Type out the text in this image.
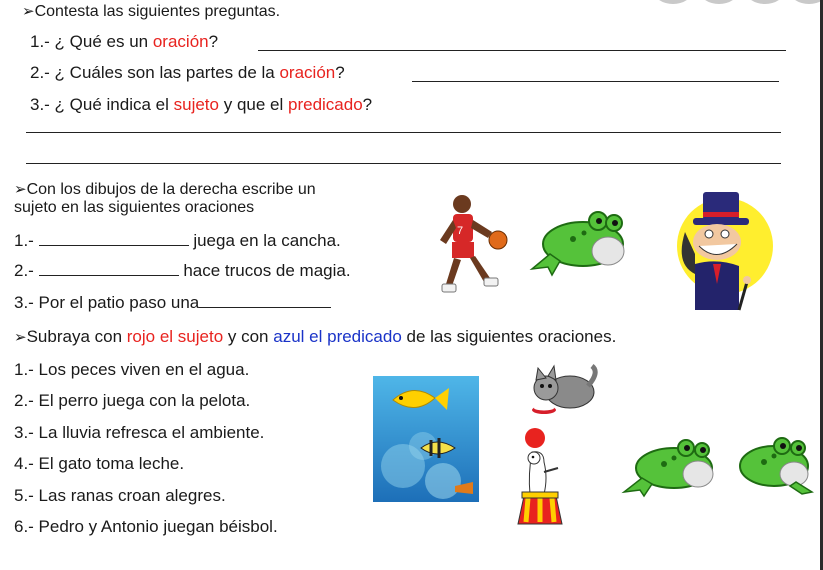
➢Contesta las siguientes preguntas.
1.- ¿ Qué es un oración?
2.- ¿ Cuáles son las partes de la oración?
3.- ¿ Qué indica el sujeto y que el predicado?
➢Con los dibujos de la derecha escribe un
sujeto en las siguientes oraciones
1.-	juega en la cancha.
2.-	hace trucos de magia.
3.- Por el patio paso una
7
➢Subraya con rojo el sujeto y con azul el predicado de las siguientes oraciones.
1.- Los peces viven en el agua.
2.- El perro juega con la pelota.
3.- La lluvia refresca el ambiente.
4.- El gato toma leche.
5.- Las ranas croan alegres.
6.- Pedro y Antonio juegan béisbol.
